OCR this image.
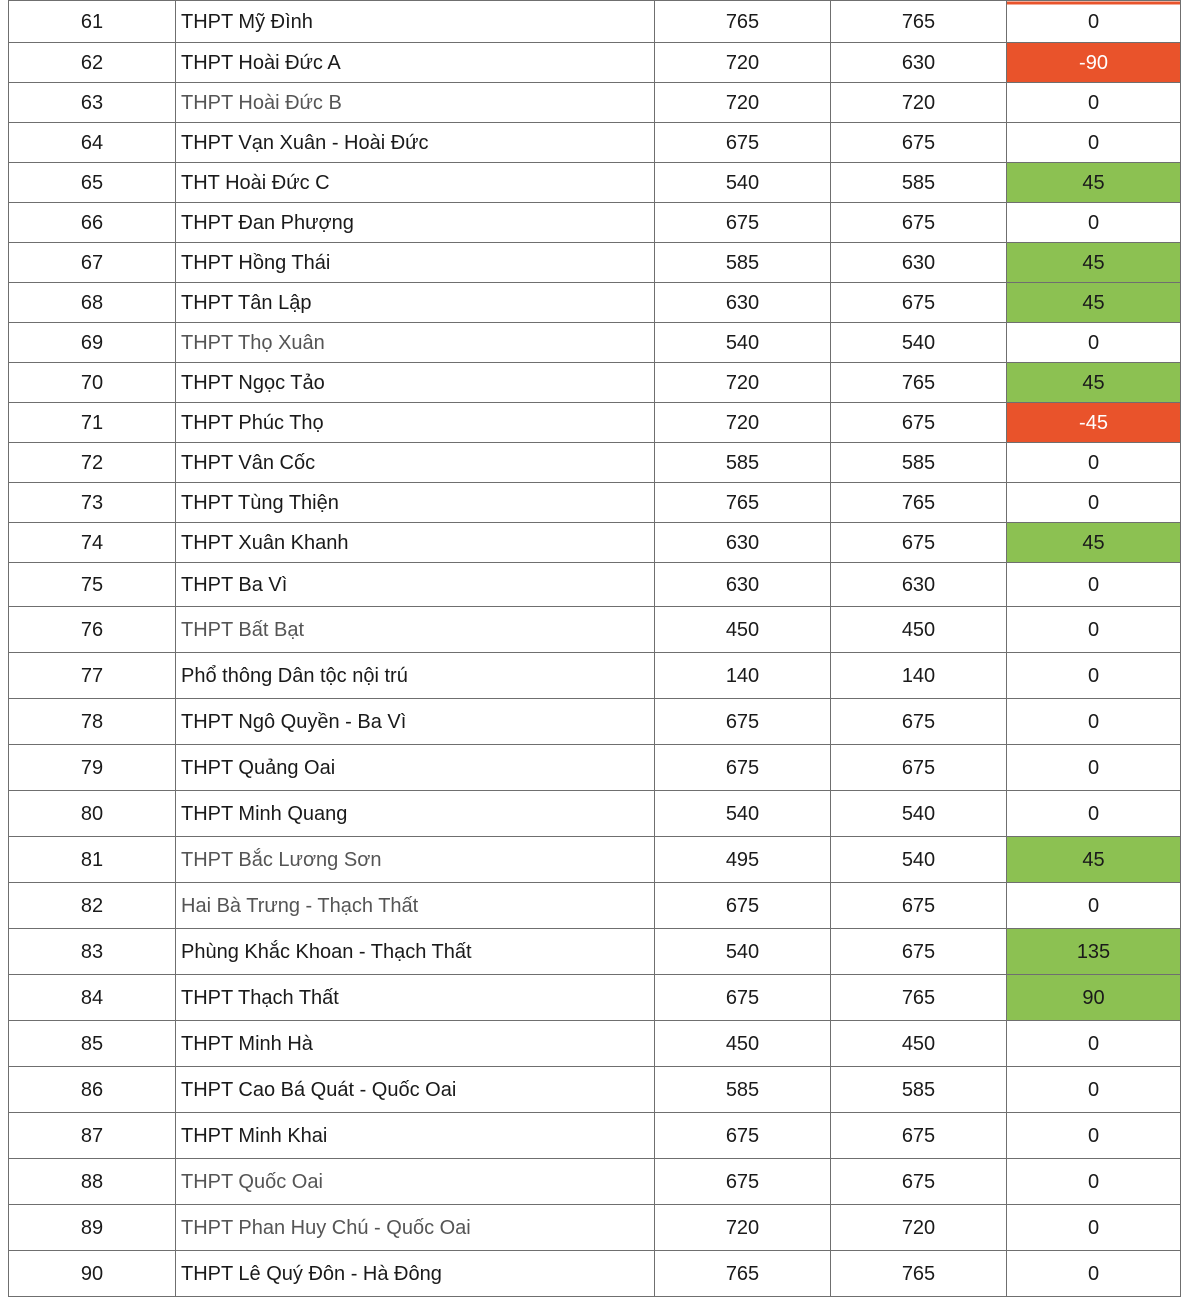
61	THPT Mỹ Đình	765	765	0
62	THPT Hoài Đức A	720	630	-90
63	THPT Hoài Đức B	720	720	0
64	THPT Vạn Xuân - Hoài Đức	675	675	0
65	THT Hoài Đức C	540	585	45
66	THPT Đan Phượng	675	675	0
67	THPT Hồng Thái	585	630	45
68	THPT Tân Lập	630	675	45
69	THPT Thọ Xuân	540	540	0
70	THPT Ngọc Tảo	720	765	45
71	THPT Phúc Thọ	720	675	-45
72	THPT Vân Cốc	585	585	0
73	THPT Tùng Thiện	765	765	0
74	THPT Xuân Khanh	630	675	45
75	THPT Ba Vì	630	630	0
76	THPT Bất Bạt	450	450	0
77	Phổ thông Dân tộc nội trú	140	140	0
78	THPT Ngô Quyền - Ba Vì	675	675	0
79	THPT Quảng Oai	675	675	0
80	THPT Minh Quang	540	540	0
81	THPT Bắc Lương Sơn	495	540	45
82	Hai Bà Trưng - Thạch Thất	675	675	0
83	Phùng Khắc Khoan - Thạch Thất	540	675	135
84	THPT Thạch Thất	675	765	90
85	THPT Minh Hà	450	450	0
86	THPT Cao Bá Quát - Quốc Oai	585	585	0
87	THPT Minh Khai	675	675	0
88	THPT Quốc Oai	675	675	0
89	THPT Phan Huy Chú - Quốc Oai	720	720	0
90	THPT Lê Quý Đôn - Hà Đông	765	765	0
